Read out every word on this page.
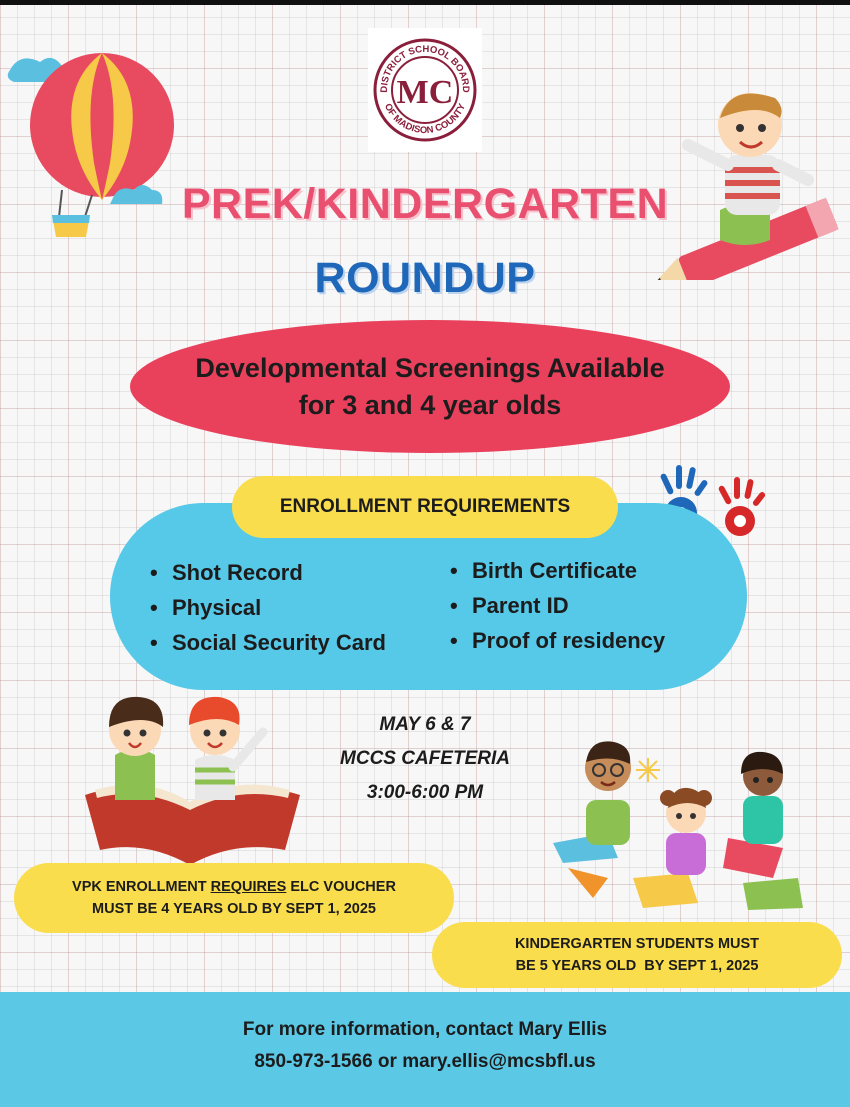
DISTRICT SCHOOL BOARD
OF MADISON COUNTY
MC
PREK/KINDERGARTEN
ROUNDUP
Developmental Screenings Available
for 3 and 4 year olds
ENROLLMENT REQUIREMENTS
• Shot Record
• Physical
• Social Security Card
• Birth Certificate
• Parent ID
• Proof of residency
MAY 6 & 7
MCCS CAFETERIA
3:00-6:00 PM
VPK ENROLLMENT REQUIRES ELC VOUCHER
MUST BE 4 YEARS OLD BY SEPT 1, 2025
KINDERGARTEN STUDENTS MUST
BE 5 YEARS OLD  BY SEPT 1, 2025
For more information, contact Mary Ellis
850-973-1566 or mary.ellis@mcsbfl.us
